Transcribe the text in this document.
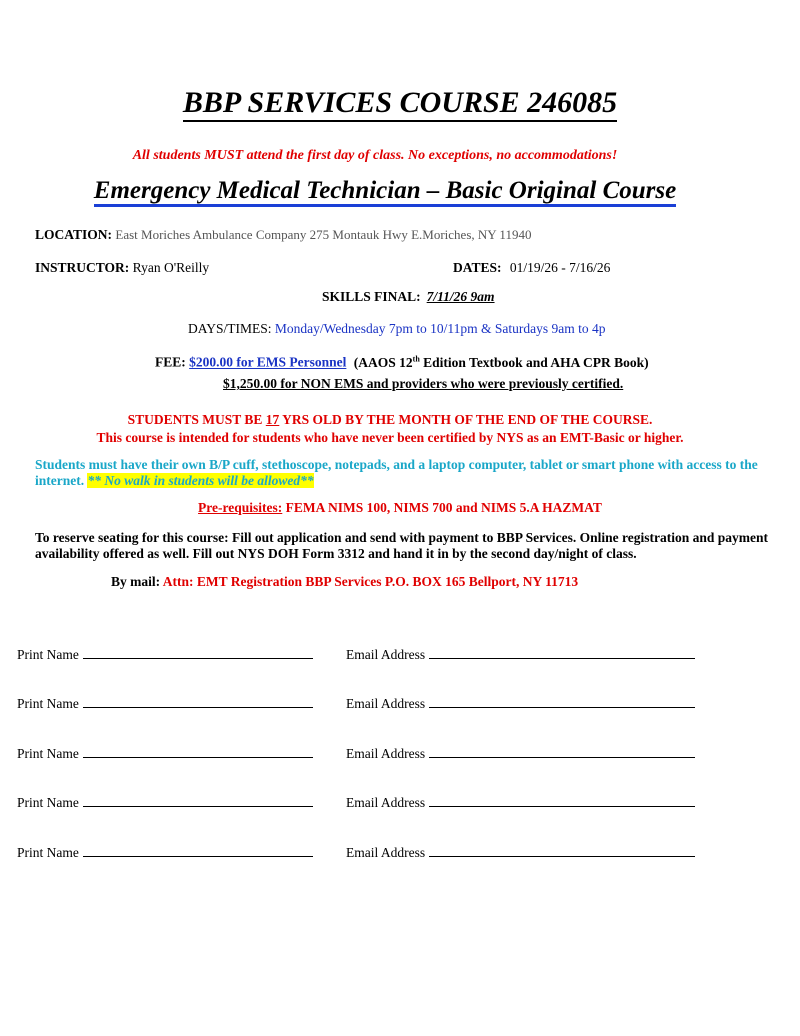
BBP SERVICES COURSE 246085
All students MUST attend the first day of class. No exceptions, no accommodations!
Emergency Medical Technician – Basic Original Course
LOCATION: East Moriches Ambulance Company 275 Montauk Hwy E.Moriches, NY 11940
INSTRUCTOR: Ryan O'Reilly	DATES: 01/19/26 - 7/16/26
SKILLS FINAL: 7/11/26 9am
DAYS/TIMES: Monday/Wednesday 7pm to 10/11pm & Saturdays 9am to 4p
FEE: $200.00 for EMS Personnel (AAOS 12th Edition Textbook and AHA CPR Book)
$1,250.00 for NON EMS and providers who were previously certified.
STUDENTS MUST BE 17 YRS OLD BY THE MONTH OF THE END OF THE COURSE.
This course is intended for students who have never been certified by NYS as an EMT-Basic or higher.
Students must have their own B/P cuff, stethoscope, notepads, and a laptop computer, tablet or smart phone with access to the internet. ** No walk in students will be allowed**
Pre-requisites: FEMA NIMS 100, NIMS 700 and NIMS 5.A HAZMAT
To reserve seating for this course: Fill out application and send with payment to BBP Services. Online registration and payment availability offered as well. Fill out NYS DOH Form 3312 and hand it in by the second day/night of class.
By mail: Attn: EMT Registration BBP Services P.O. BOX 165 Bellport, NY 11713
Print Name	Email Address
Print Name	Email Address
Print Name	Email Address
Print Name	Email Address
Print Name	Email Address
